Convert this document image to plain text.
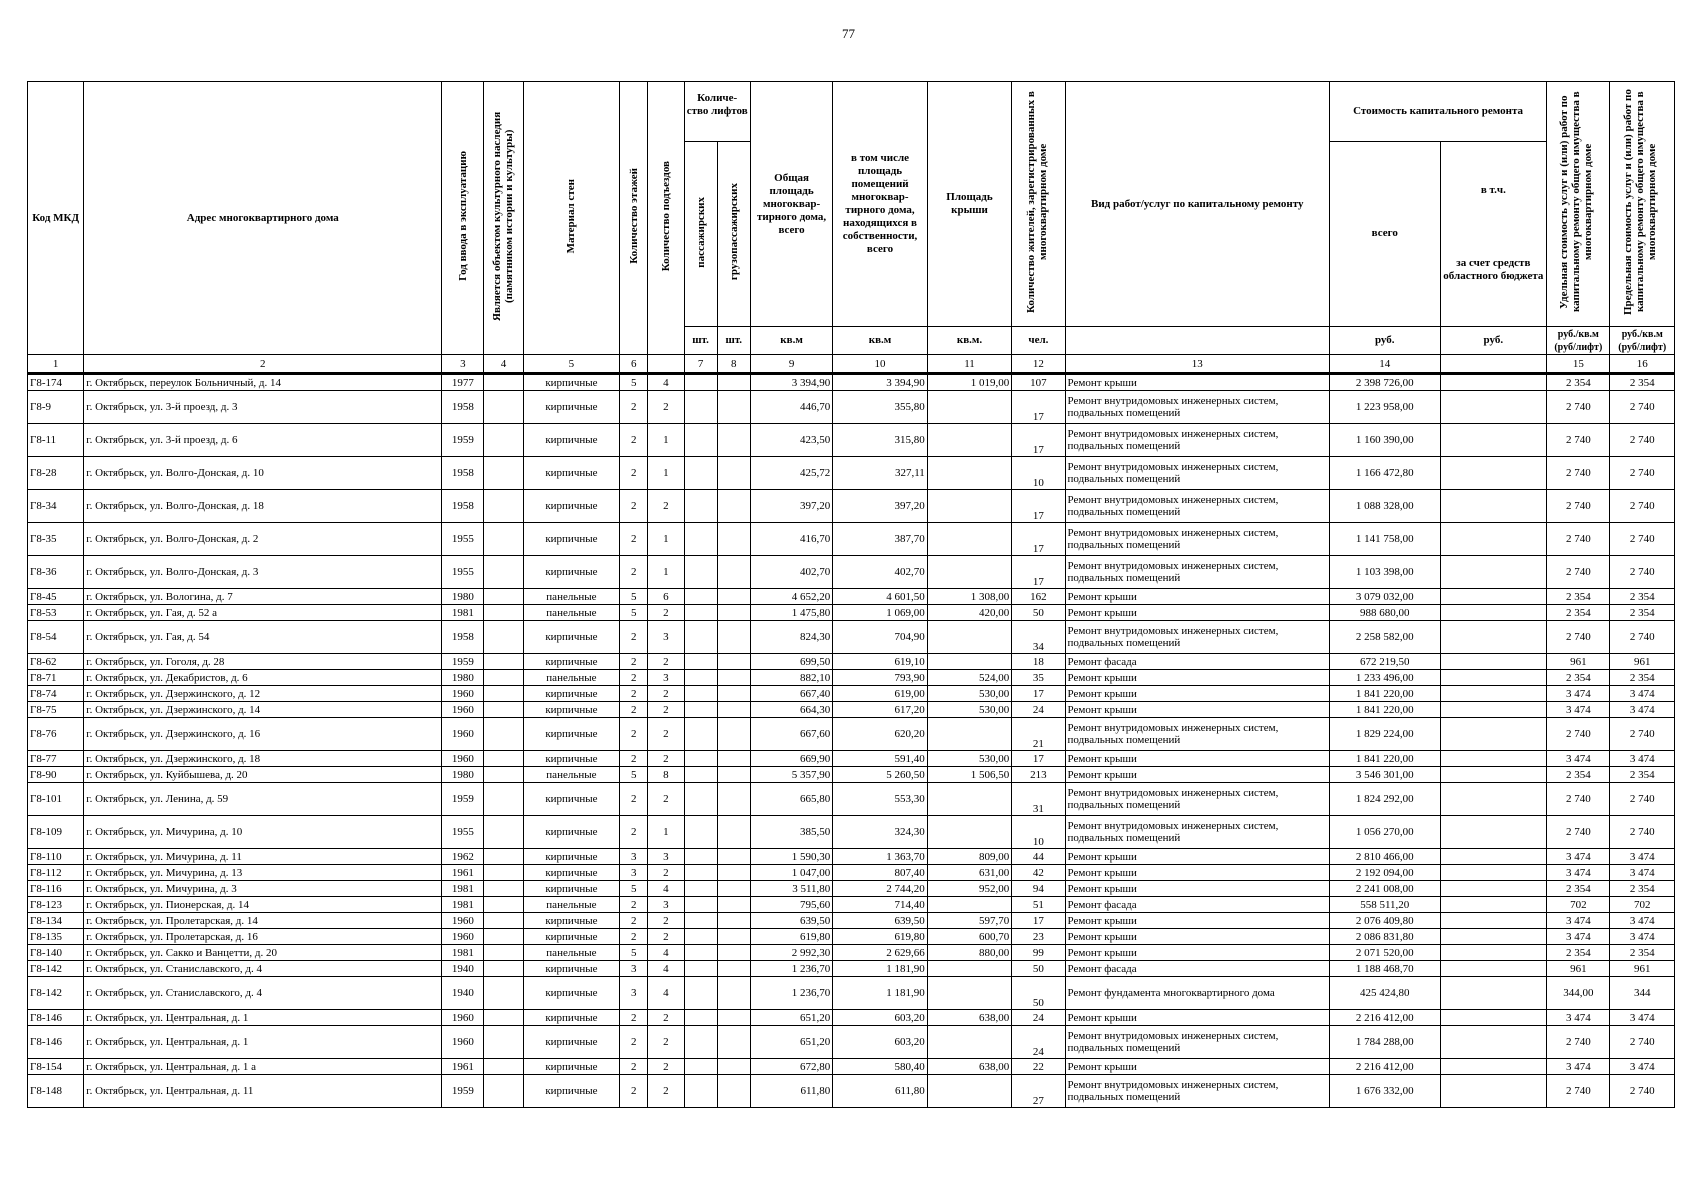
77
Код МКД	Адрес многоквартирного дома	Год ввода в эксплуатацию	Является объектом культурного наследия (памятником истории и культуры)	Материал стен	Количество этажей	Количество подъездов	Количе-ство лифтов		Общая площадь многоквар-тирного дома, всего	в том числе площадь помещений многоквар-тирного дома, находящихся в собственности, всего	Площадь крыши	Количество жителей, зарегистрированных в многоквартирном доме	Вид работ/услуг по капитальному ремонту	Стоимость капитального ремонта		Удельная стоимость услуг и (или) работ по капитальному ремонту общего имущества в многоквартирном доме	Предельная стоимость услуг и (или) работ по капитальному ремонту общего имущества в многоквартирном доме
							пассажирских	грузопассажирских						всего	в т.ч.
за счет средств областного бюджета		

							шт.	шт.	кв.м	кв.м	кв.м.	чел.		руб.	руб.	руб./кв.м (руб/лифт)	руб./кв.м (руб/лифт)
1	2	3	4	5	6		7	8	9	10	11	12	13	14		15	16
Г8-174	г. Октябрьск, переулок Больничный, д. 14	1977		кирпичные	5	4			3 394,90	3 394,90	1 019,00	107	Ремонт крыши	2 398 726,00		2 354	2 354
Г8-9	г. Октябрьск, ул. 3-й проезд, д. 3	1958		кирпичные	2	2			446,70	355,80		17	Ремонт внутридомовых инженерных систем, подвальных помещений	1 223 958,00		2 740	2 740
Г8-11	г. Октябрьск, ул. 3-й проезд, д. 6	1959		кирпичные	2	1			423,50	315,80		17	Ремонт внутридомовых инженерных систем, подвальных помещений	1 160 390,00		2 740	2 740
Г8-28	г. Октябрьск, ул. Волго-Донская, д. 10	1958		кирпичные	2	1			425,72	327,11		10	Ремонт внутридомовых инженерных систем, подвальных помещений	1 166 472,80		2 740	2 740
Г8-34	г. Октябрьск, ул. Волго-Донская, д. 18	1958		кирпичные	2	2			397,20	397,20		17	Ремонт внутридомовых инженерных систем, подвальных помещений	1 088 328,00		2 740	2 740
Г8-35	г. Октябрьск, ул. Волго-Донская, д. 2	1955		кирпичные	2	1			416,70	387,70		17	Ремонт внутридомовых инженерных систем, подвальных помещений	1 141 758,00		2 740	2 740
Г8-36	г. Октябрьск, ул. Волго-Донская, д. 3	1955		кирпичные	2	1			402,70	402,70		17	Ремонт внутридомовых инженерных систем, подвальных помещений	1 103 398,00		2 740	2 740
Г8-45	г. Октябрьск, ул. Вологина, д. 7	1980		панельные	5	6			4 652,20	4 601,50	1 308,00	162	Ремонт крыши	3 079 032,00		2 354	2 354
Г8-53	г. Октябрьск, ул. Гая, д. 52 а	1981		панельные	5	2			1 475,80	1 069,00	420,00	50	Ремонт крыши	988 680,00		2 354	2 354
Г8-54	г. Октябрьск, ул. Гая, д. 54	1958		кирпичные	2	3			824,30	704,90		34	Ремонт внутридомовых инженерных систем, подвальных помещений	2 258 582,00		2 740	2 740
Г8-62	г. Октябрьск, ул. Гоголя, д. 28	1959		кирпичные	2	2			699,50	619,10		18	Ремонт фасада	672 219,50		961	961
Г8-71	г. Октябрьск, ул. Декабристов, д. 6	1980		панельные	2	3			882,10	793,90	524,00	35	Ремонт крыши	1 233 496,00		2 354	2 354
Г8-74	г. Октябрьск, ул. Дзержинского, д. 12	1960		кирпичные	2	2			667,40	619,00	530,00	17	Ремонт крыши	1 841 220,00		3 474	3 474
Г8-75	г. Октябрьск, ул. Дзержинского, д. 14	1960		кирпичные	2	2			664,30	617,20	530,00	24	Ремонт крыши	1 841 220,00		3 474	3 474
Г8-76	г. Октябрьск, ул. Дзержинского, д. 16	1960		кирпичные	2	2			667,60	620,20		21	Ремонт внутридомовых инженерных систем, подвальных помещений	1 829 224,00		2 740	2 740
Г8-77	г. Октябрьск, ул. Дзержинского, д. 18	1960		кирпичные	2	2			669,90	591,40	530,00	17	Ремонт крыши	1 841 220,00		3 474	3 474
Г8-90	г. Октябрьск, ул. Куйбышева, д. 20	1980		панельные	5	8			5 357,90	5 260,50	1 506,50	213	Ремонт крыши	3 546 301,00		2 354	2 354
Г8-101	г. Октябрьск, ул. Ленина, д. 59	1959		кирпичные	2	2			665,80	553,30		31	Ремонт внутридомовых инженерных систем, подвальных помещений	1 824 292,00		2 740	2 740
Г8-109	г. Октябрьск, ул. Мичурина, д. 10	1955		кирпичные	2	1			385,50	324,30		10	Ремонт внутридомовых инженерных систем, подвальных помещений	1 056 270,00		2 740	2 740
Г8-110	г. Октябрьск, ул. Мичурина, д. 11	1962		кирпичные	3	3			1 590,30	1 363,70	809,00	44	Ремонт крыши	2 810 466,00		3 474	3 474
Г8-112	г. Октябрьск, ул. Мичурина, д. 13	1961		кирпичные	3	2			1 047,00	807,40	631,00	42	Ремонт крыши	2 192 094,00		3 474	3 474
Г8-116	г. Октябрьск, ул. Мичурина, д. 3	1981		кирпичные	5	4			3 511,80	2 744,20	952,00	94	Ремонт крыши	2 241 008,00		2 354	2 354
Г8-123	г. Октябрьск, ул. Пионерская, д. 14	1981		панельные	2	3			795,60	714,40		51	Ремонт фасада	558 511,20		702	702
Г8-134	г. Октябрьск, ул. Пролетарская, д. 14	1960		кирпичные	2	2			639,50	639,50	597,70	17	Ремонт крыши	2 076 409,80		3 474	3 474
Г8-135	г. Октябрьск, ул. Пролетарская, д. 16	1960		кирпичные	2	2			619,80	619,80	600,70	23	Ремонт крыши	2 086 831,80		3 474	3 474
Г8-140	г. Октябрьск, ул. Сакко и Ванцетти, д. 20	1981		панельные	5	4			2 992,30	2 629,66	880,00	99	Ремонт крыши	2 071 520,00		2 354	2 354
Г8-142	г. Октябрьск, ул. Станиславского, д. 4	1940		кирпичные	3	4			1 236,70	1 181,90		50	Ремонт фасада	1 188 468,70		961	961
Г8-142	г. Октябрьск, ул. Станиславского, д. 4	1940		кирпичные	3	4			1 236,70	1 181,90		50	Ремонт фундамента многоквартирного дома	425 424,80		344,00	344
Г8-146	г. Октябрьск, ул. Центральная, д. 1	1960		кирпичные	2	2			651,20	603,20	638,00	24	Ремонт крыши	2 216 412,00		3 474	3 474
Г8-146	г. Октябрьск, ул. Центральная, д. 1	1960		кирпичные	2	2			651,20	603,20		24	Ремонт внутридомовых инженерных систем, подвальных помещений	1 784 288,00		2 740	2 740
Г8-154	г. Октябрьск, ул. Центральная, д. 1 а	1961		кирпичные	2	2			672,80	580,40	638,00	22	Ремонт крыши	2 216 412,00		3 474	3 474
Г8-148	г. Октябрьск, ул. Центральная, д. 11	1959		кирпичные	2	2			611,80	611,80		27	Ремонт внутридомовых инженерных систем, подвальных помещений	1 676 332,00		2 740	2 740
